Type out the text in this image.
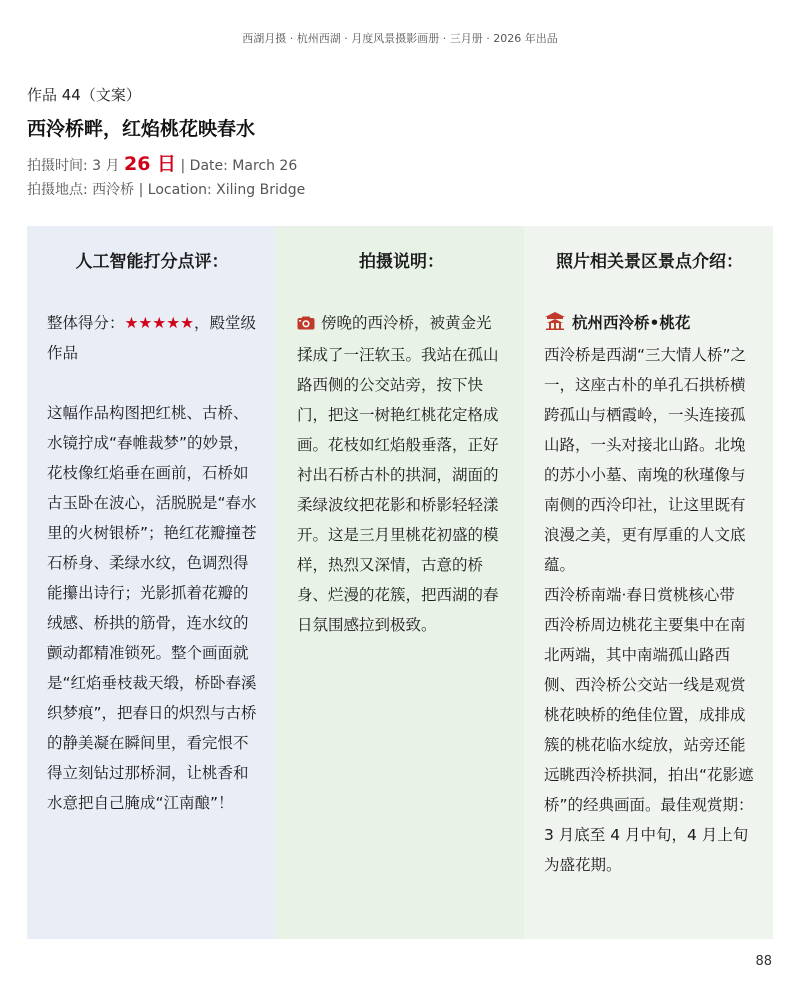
西湖月摄 · 杭州西湖 · 月度风景摄影画册 · 三月册 · 2026 年出品
作品 44（文案）
西泠桥畔，红焰桃花映春水
拍摄时间: 3 月 26 日 | Date: March 26
拍摄地点: 西泠桥 | Location: Xiling Bridge
人工智能打分点评：
整体得分：★★★★★，殿堂级作品
这幅作品构图把红桃、古桥、水镜拧成“春帷裁梦”的妙景，花枝像红焰垂在画前，石桥如古玉卧在波心，活脱脱是“春水里的火树银桥”；艳红花瓣撞苍石桥身、柔绿水纹，色调烈得能攥出诗行；光影抓着花瓣的绒感、桥拱的筋骨，连水纹的颤动都精准锁死。整个画面就是“红焰垂枝裁天缎，桥卧春溪织梦痕”，把春日的炽烈与古桥的静美凝在瞬间里，看完恨不得立刻钻过那桥洞，让桃香和水意把自己腌成“江南酿”！
拍摄说明：
傍晚的西泠桥，被黄金光揉成了一汪软玉。我站在孤山路西侧的公交站旁，按下快门，把这一树艳红桃花定格成画。花枝如红焰般垂落，正好衬出石桥古朴的拱洞，湖面的柔绿波纹把花影和桥影轻轻漾开。这是三月里桃花初盛的模样，热烈又深情，古意的桥身、烂漫的花簇，把西湖的春日氛围感拉到极致。
照片相关景区景点介绍：

杭州西泠桥•桃花

西泠桥是西湖“三大情人桥”之一，这座古朴的单孔石拱桥横跨孤山与栖霞岭，一头连接孤山路，一头对接北山路。北堍的苏小小墓、南堍的秋瑾像与南侧的西泠印社，让这里既有浪漫之美，更有厚重的人文底蕴。

西泠桥南端·春日赏桃核心带

西泠桥周边桃花主要集中在南北两端，其中南端孤山路西侧、西泠桥公交站一线是观赏桃花映桥的绝佳位置，成排成簇的桃花临水绽放，站旁还能远眺西泠桥拱洞，拍出“花影遮桥”的经典画面。最佳观赏期：3 月底至 4 月中旬，4 月上旬为盛花期。

88
